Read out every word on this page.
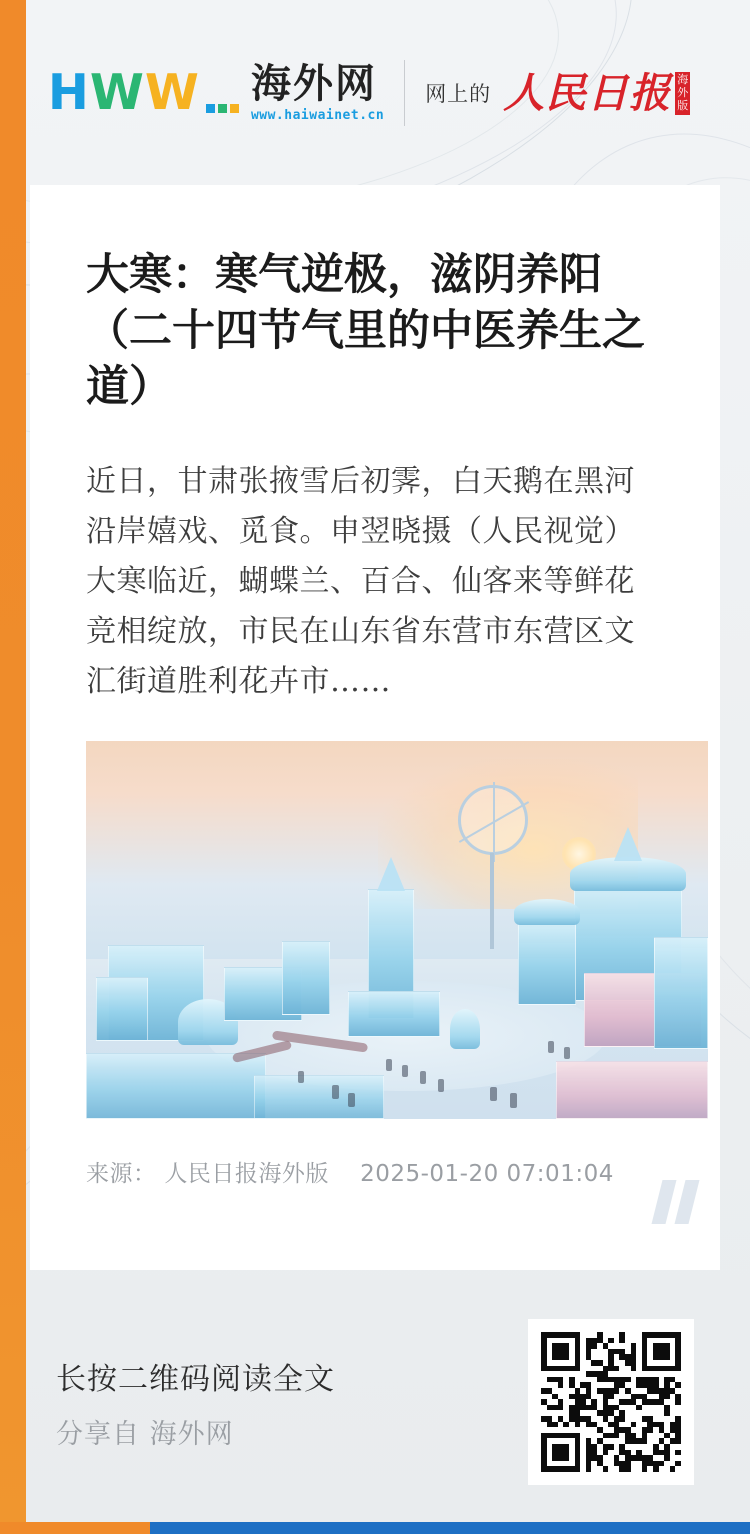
H W W 海外网
www.haiwainet.cn
网上的 人民日报 海外版
大寒：寒气逆极，滋阴养阳（二十四节气里的中医养生之道）

近日，甘肃张掖雪后初霁，白天鹅在黑河沿岸嬉戏、觅食。申翌晓摄（人民视觉）大寒临近，蝴蝶兰、百合、仙客来等鲜花竞相绽放，市民在山东省东营市东营区文汇街道胜利花卉市……

来源： 人民日报海外版 2025-01-20 07:01:04
长按二维码阅读全文
分享自 海外网
